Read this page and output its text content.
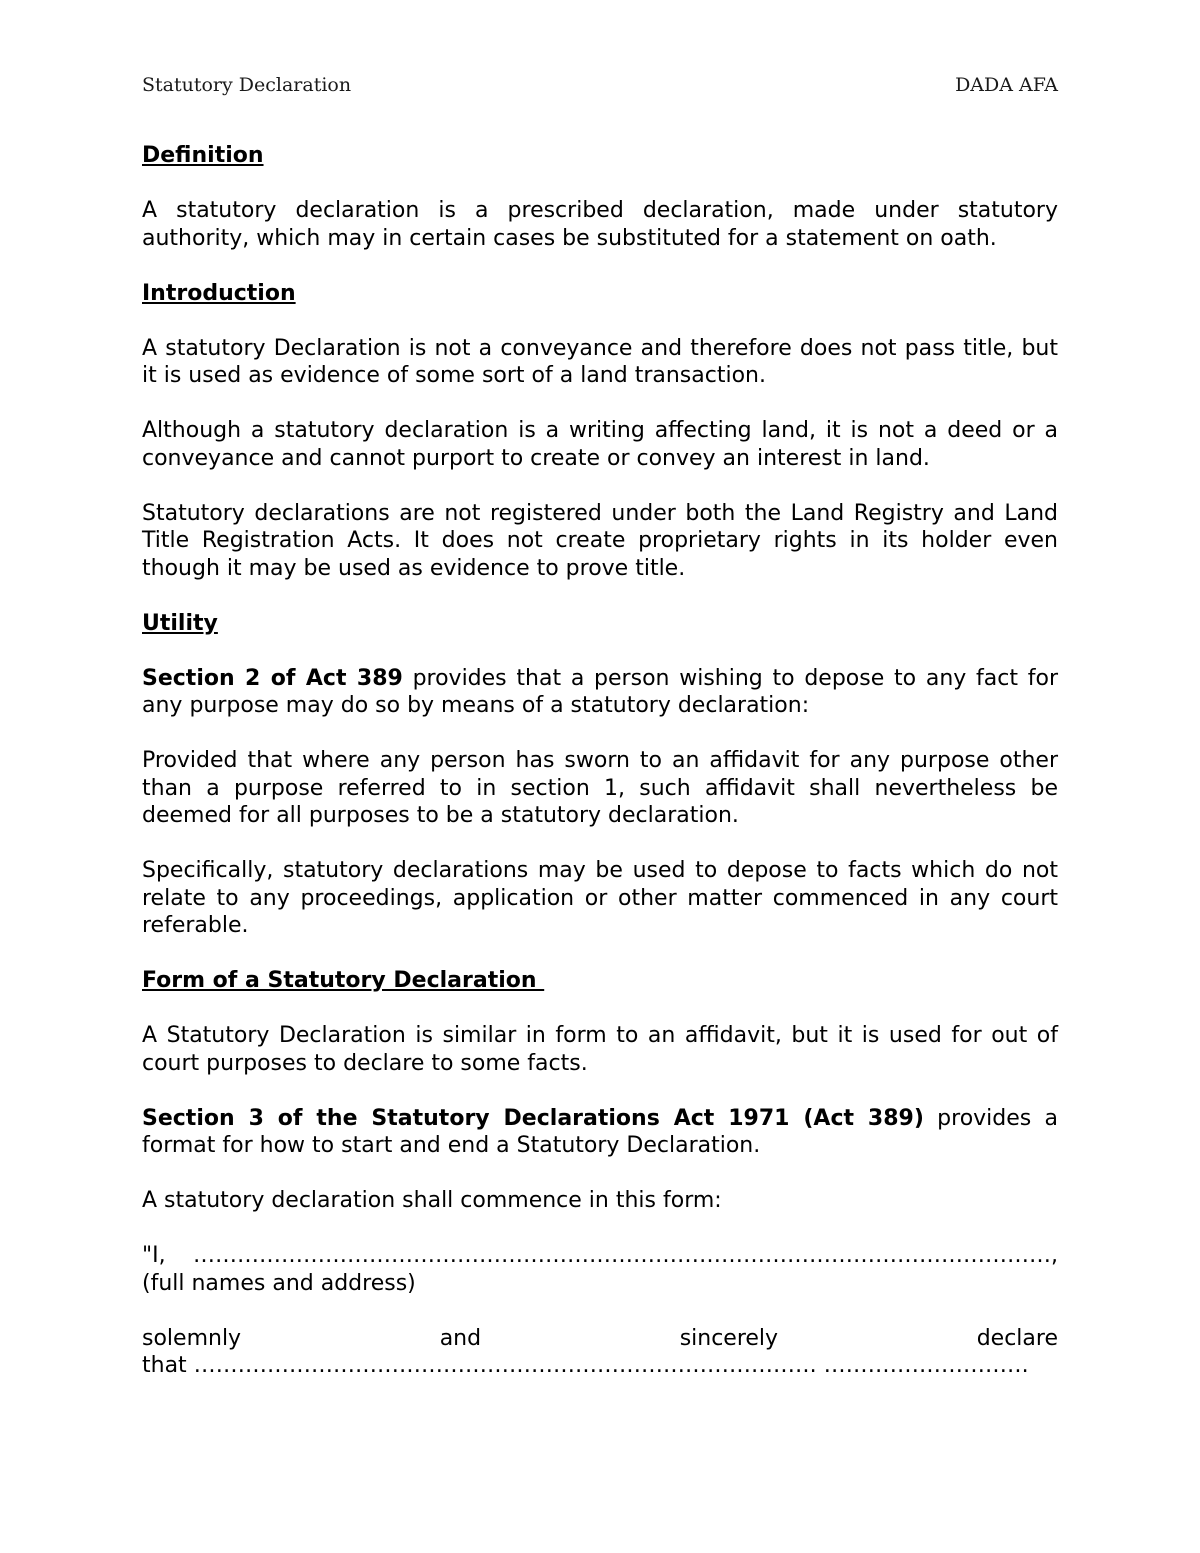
Statutory Declaration	DADA AFA
Definition
A statutory declaration is a prescribed declaration, made under statutory authority, which may in certain cases be substituted for a statement on oath.
Introduction
A statutory Declaration is not a conveyance and therefore does not pass title, but it is used as evidence of some sort of a land transaction.
Although a statutory declaration is a writing affecting land, it is not a deed or a conveyance and cannot purport to create or convey an interest in land.
Statutory declarations are not registered under both the Land Registry and Land Title Registration Acts. It does not create proprietary rights in its holder even though it may be used as evidence to prove title.
Utility
Section 2 of Act 389 provides that a person wishing to depose to any fact for any purpose may do so by means of a statutory declaration:
Provided that where any person has sworn to an affidavit for any purpose other than a purpose referred to in section 1, such affidavit shall nevertheless be deemed for all purposes to be a statutory declaration.
Specifically, statutory declarations may be used to depose to facts which do not relate to any proceedings, application or other matter commenced in any court referable.
Form of a Statutory Declaration
A Statutory Declaration is similar in form to an affidavit, but it is used for out of court purposes to declare to some facts.
Section 3 of the Statutory Declarations Act 1971 (Act 389) provides a format for how to start and end a Statutory Declaration.
A statutory declaration shall commence in this form:
"I, ………………………………………………………………………………………………………, (full names and address)
solemnly	and	sincerely	declare
that …………………………………………………………………………. ……………………….
